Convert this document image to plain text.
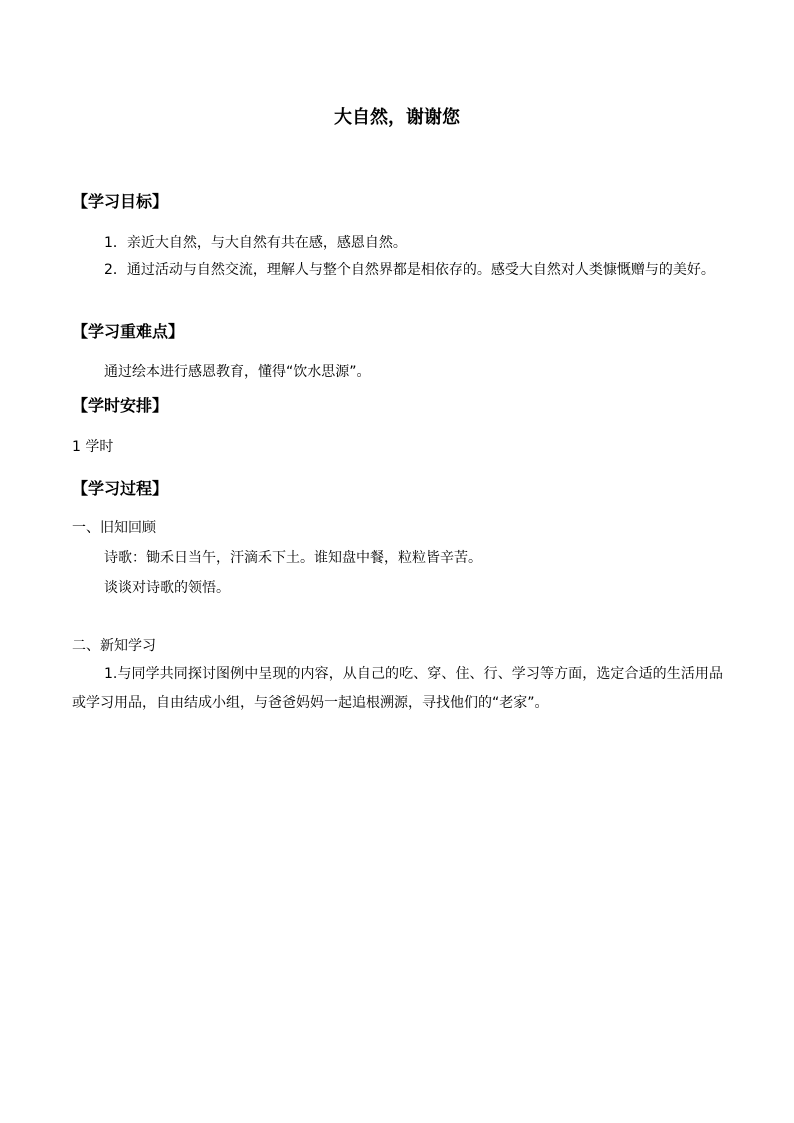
大自然，谢谢您
【学习目标】
1．亲近大自然，与大自然有共在感，感恩自然。
2．通过活动与自然交流，理解人与整个自然界都是相依存的。感受大自然对人类慷慨赠与的美好。
【学习重难点】
通过绘本进行感恩教育，懂得“饮水思源”。
【学时安排】
1 学时
【学习过程】
一、旧知回顾
诗歌：锄禾日当午，汗滴禾下土。谁知盘中餐，粒粒皆辛苦。
谈谈对诗歌的领悟。
二、新知学习
1.与同学共同探讨图例中呈现的内容，从自己的吃、穿、住、行、学习等方面，选定合适的生活用品或学习用品，自由结成小组，与爸爸妈妈一起追根溯源，寻找他们的“老家”。
